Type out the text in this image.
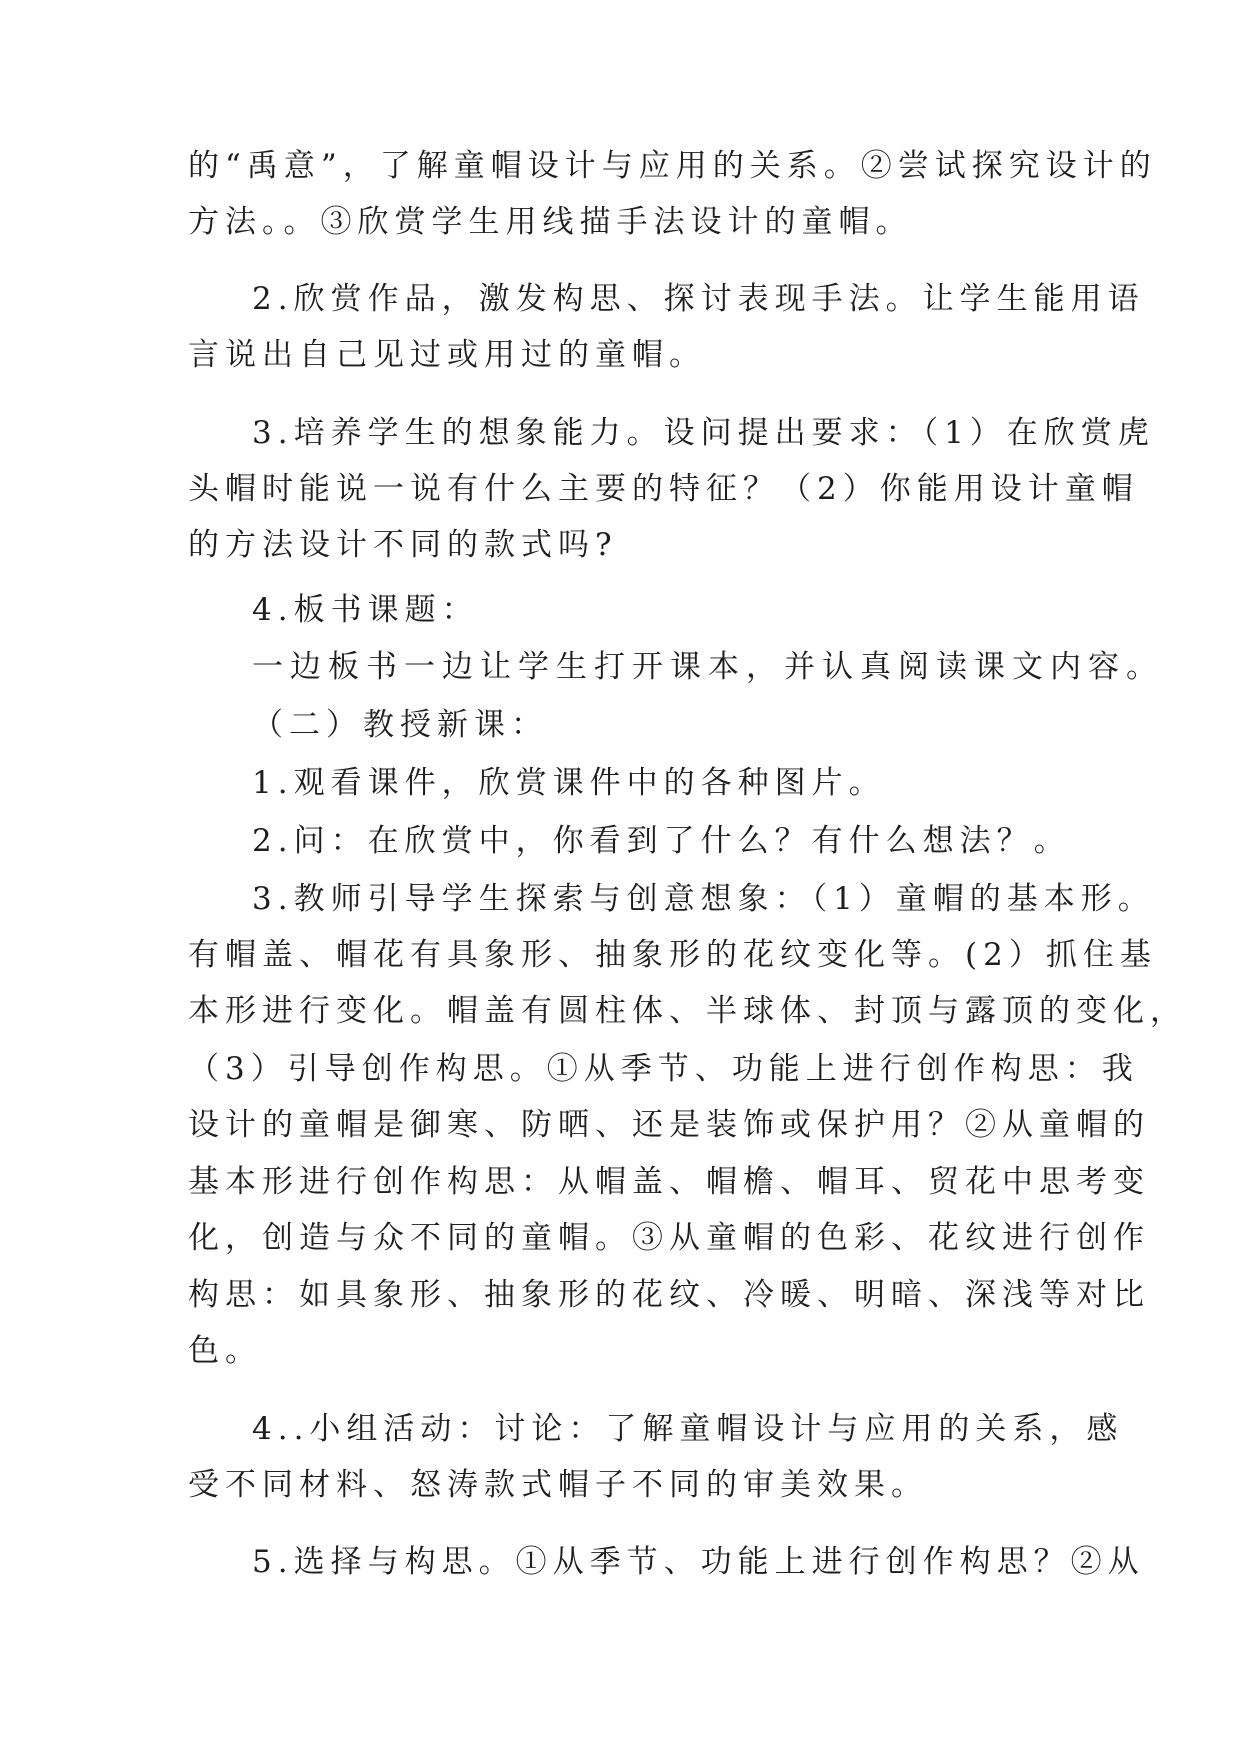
的“禹意”，了解童帽设计与应用的关系。②尝试探究设计的
方法。。③欣赏学生用线描手法设计的童帽。
2.欣赏作品，激发构思、探讨表现手法。让学生能用语
言说出自己见过或用过的童帽。
3.培养学生的想象能力。设问提出要求：（1）在欣赏虎
头帽时能说一说有什么主要的特征？（2）你能用设计童帽
的方法设计不同的款式吗?
4.板书课题：
一边板书一边让学生打开课本，并认真阅读课文内容。
（二）教授新课：
1.观看课件，欣赏课件中的各种图片。
2.问：在欣赏中，你看到了什么？有什么想法？。
3.教师引导学生探索与创意想象：（1）童帽的基本形。
有帽盖、帽花有具象形、抽象形的花纹变化等。(2）抓住基
本形进行变化。帽盖有圆柱体、半球体、封顶与露顶的变化，
（3）引导创作构思。①从季节、功能上进行创作构思：我
设计的童帽是御寒、防晒、还是装饰或保护用？②从童帽的
基本形进行创作构思：从帽盖、帽檐、帽耳、贸花中思考变
化，创造与众不同的童帽。③从童帽的色彩、花纹进行创作
构思：如具象形、抽象形的花纹、冷暖、明暗、深浅等对比
色。
4..小组活动：讨论：了解童帽设计与应用的关系，感
受不同材料、怒涛款式帽子不同的审美效果。
5.选择与构思。①从季节、功能上进行创作构思？②从
